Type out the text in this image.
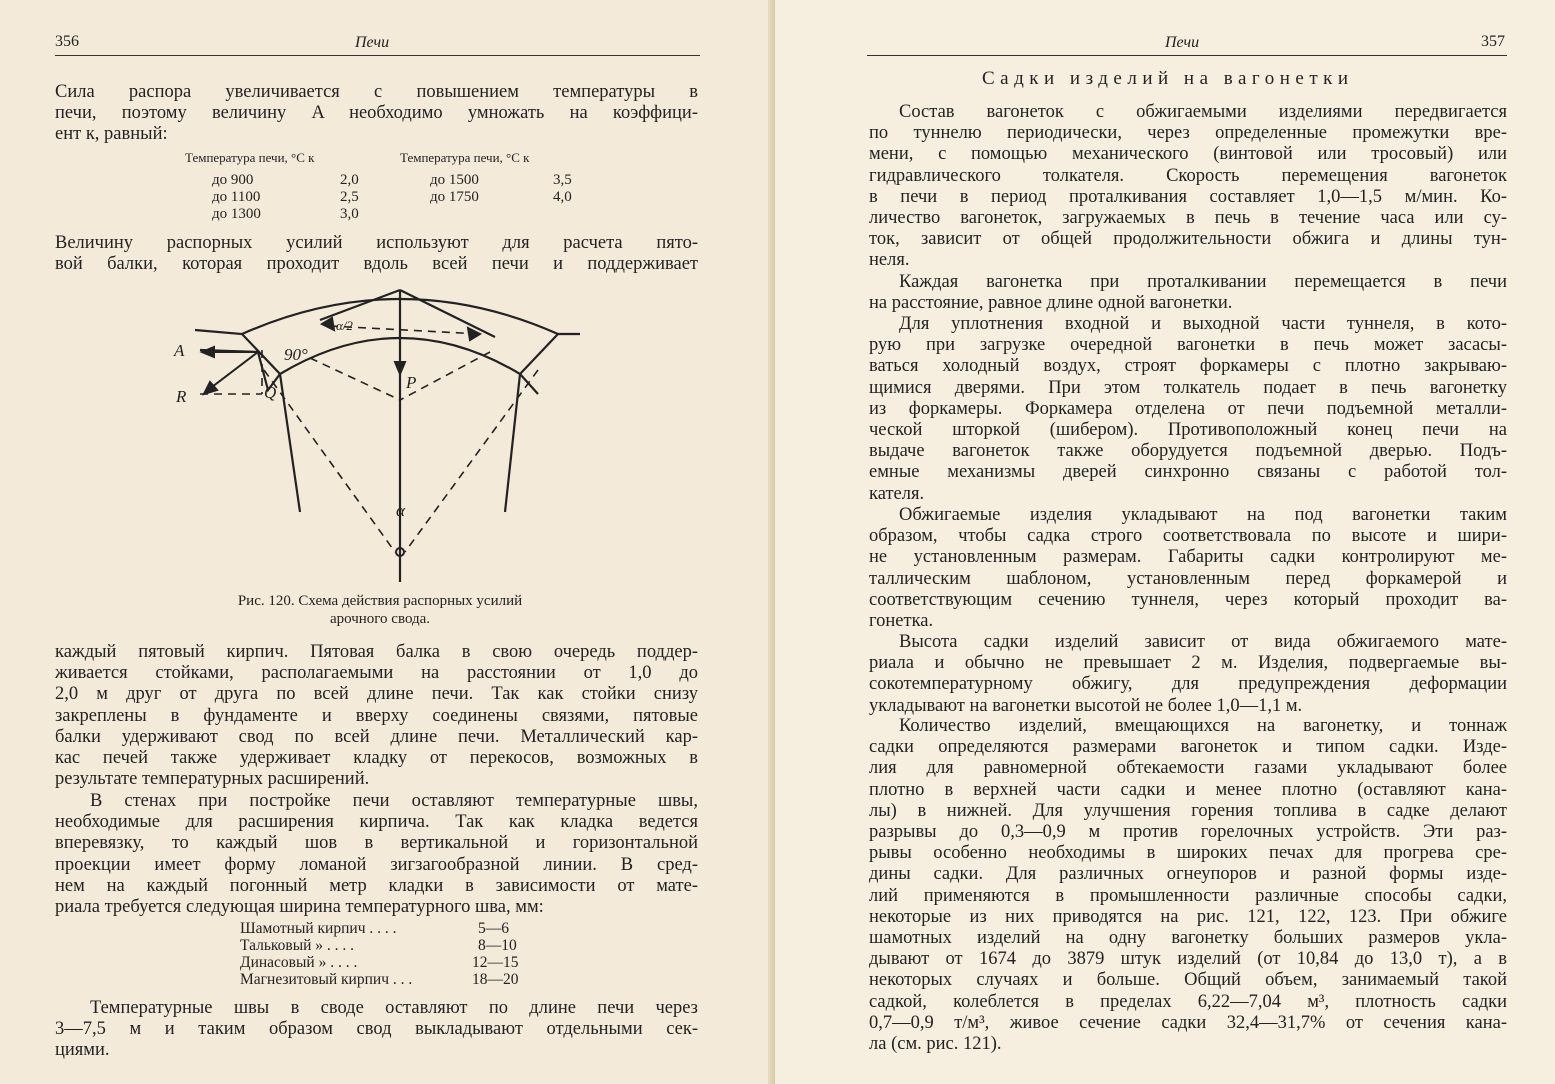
356	Печи
Сила распора увеличивается с повышением температуры в
печи, поэтому величину A необходимо умножать на коэффици-
ент к, равный:
Температура печи, °С к	Температура печи, °С к
до 900	2,0
до 1100	2,5
до 1300	3,0
до 1500	3,5
до 1750	4,0
Величину распорных усилий используют для расчета пято-
вой балки, которая проходит вдоль всей печи и поддерживает
A
R	Q
P
90°
α
α/2
Рис. 120. Схема действия распорных усилий
арочного свода.
каждый пятовый кирпич. Пятовая балка в свою очередь поддер-
живается стойками, располагаемыми на расстоянии от 1,0 до
2,0 м друг от друга по всей длине печи. Так как стойки снизу
закреплены в фундаменте и вверху соединены связями, пятовые
балки удерживают свод по всей длине печи. Металлический кар-
кас печей также удерживает кладку от перекосов, возможных в
результате температурных расширений.
В стенах при постройке печи оставляют температурные швы,
необходимые для расширения кирпича. Так как кладка ведется
вперевязку, то каждый шов в вертикальной и горизонтальной
проекции имеет форму ломаной зигзагообразной линии. В сред-
нем на каждый погонный метр кладки в зависимости от мате-
риала требуется следующая ширина температурного шва, мм:
Шамотный кирпич . . . .	5—6
Тальковый » . . . .	8—10
Динасовый » . . . .	12—15
Магнезитовый кирпич . . .	18—20
Температурные швы в своде оставляют по длине печи через
3—7,5 м и таким образом свод выкладывают отдельными сек-
циями.
Печи	357
Садки изделий на вагонетки
Состав вагонеток с обжигаемыми изделиями передвигается
по туннелю периодически, через определенные промежутки вре-
мени, с помощью механического (винтовой или тросовый) или
гидравлического толкателя. Скорость перемещения вагонеток
в печи в период проталкивания составляет 1,0—1,5 м/мин. Ко-
личество вагонеток, загружаемых в печь в течение часа или су-
ток, зависит от общей продолжительности обжига и длины тун-
неля.
Каждая вагонетка при проталкивании перемещается в печи
на расстояние, равное длине одной вагонетки.
Для уплотнения входной и выходной части туннеля, в кото-
рую при загрузке очередной вагонетки в печь может засасы-
ваться холодный воздух, строят форкамеры с плотно закрываю-
щимися дверями. При этом толкатель подает в печь вагонетку
из форкамеры. Форкамера отделена от печи подъемной металли-
ческой шторкой (шибером). Противоположный конец печи на
выдаче вагонеток также оборудуется подъемной дверью. Подъ-
емные механизмы дверей синхронно связаны с работой тол-
кателя.
Обжигаемые изделия укладывают на под вагонетки таким
образом, чтобы садка строго соответствовала по высоте и шири-
не установленным размерам. Габариты садки контролируют ме-
таллическим шаблоном, установленным перед форкамерой и
соответствующим сечению туннеля, через который проходит ва-
гонетка.
Высота садки изделий зависит от вида обжигаемого мате-
риала и обычно не превышает 2 м. Изделия, подвергаемые вы-
сокотемпературному обжигу, для предупреждения деформации
укладывают на вагонетки высотой не более 1,0—1,1 м.
Количество изделий, вмещающихся на вагонетку, и тоннаж
садки определяются размерами вагонеток и типом садки. Изде-
лия для равномерной обтекаемости газами укладывают более
плотно в верхней части садки и менее плотно (оставляют кана-
лы) в нижней. Для улучшения горения топлива в садке делают
разрывы до 0,3—0,9 м против горелочных устройств. Эти раз-
рывы особенно необходимы в широких печах для прогрева сре-
дины садки. Для различных огнеупоров и разной формы изде-
лий применяются в промышленности различные способы садки,
некоторые из них приводятся на рис. 121, 122, 123. При обжиге
шамотных изделий на одну вагонетку больших размеров укла-
дывают от 1674 до 3879 штук изделий (от 10,84 до 13,0 т), а в
некоторых случаях и больше. Общий объем, занимаемый такой
садкой, колеблется в пределах 6,22—7,04 м³, плотность садки
0,7—0,9 т/м³, живое сечение садки 32,4—31,7% от сечения кана-
ла (см. рис. 121).
